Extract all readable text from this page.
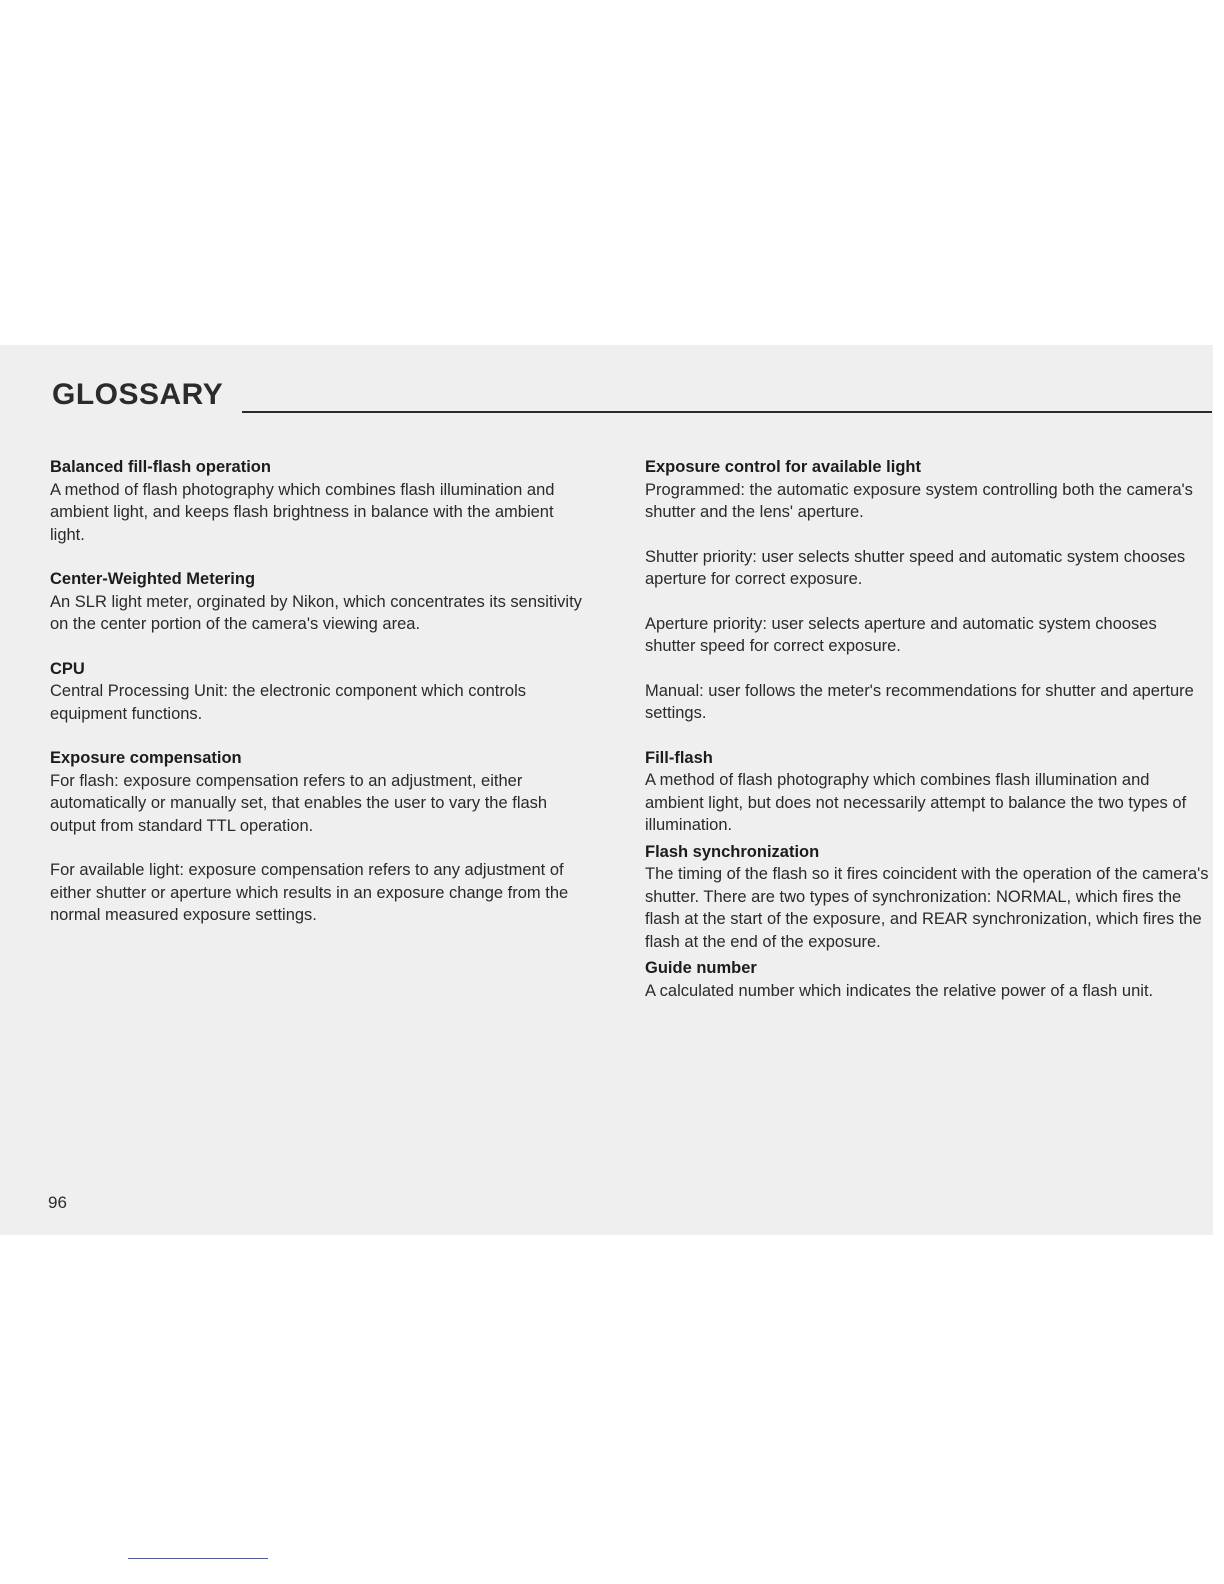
GLOSSARY
Balanced fill-flash operation
A method of flash photography which combines flash illumination and ambient light, and keeps flash brightness in balance with the ambient light.
Center-Weighted Metering
An SLR light meter, orginated by Nikon, which concentrates its sensitivity on the center portion of the camera's viewing area.
CPU
Central Processing Unit: the electronic component which controls equipment functions.
Exposure compensation
For flash: exposure compensation refers to an adjustment, either automatically or manually set, that enables the user to vary the flash output from standard TTL operation.
For available light: exposure compensation refers to any adjustment of either shutter or aperture which results in an exposure change from the normal measured exposure settings.
Exposure control for available light
Programmed: the automatic exposure system controlling both the camera's shutter and the lens' aperture.
Shutter priority: user selects shutter speed and automatic system chooses aperture for correct exposure.
Aperture priority: user selects aperture and automatic system chooses shutter speed for correct exposure.
Manual: user follows the meter's recommendations for shutter and aperture settings.
Fill-flash
A method of flash photography which combines flash illumination and ambient light, but does not necessarily attempt to balance the two types of illumination.
Flash synchronization
The timing of the flash so it fires coincident with the operation of the camera's shutter. There are two types of synchronization: NORMAL, which fires the flash at the start of the exposure, and REAR synchronization, which fires the flash at the end of the exposure.
Guide number
A calculated number which indicates the relative power of a flash unit.
96
